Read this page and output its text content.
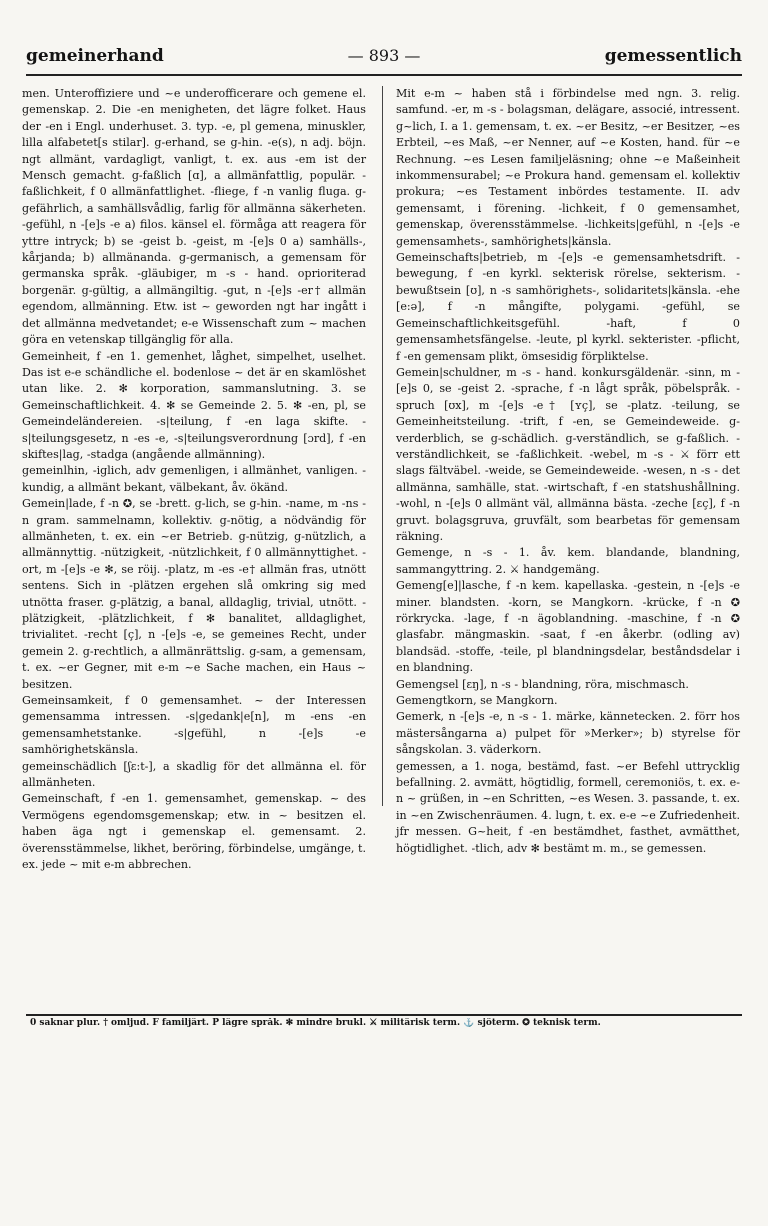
gemeinerhand	— 893 —	gemessentlich

men. Unteroffiziere und ~e underofficerare och gemene el. gemenskap. 2. Die -en menigheten, det lägre folket. Haus der -en i Engl. underhuset. 3. typ. -e, pl gemena, minuskler, lilla alfabetet[s stilar]. g-erhand, se g-hin. -e(s), n adj. böjn. ngt allmänt, vardagligt, vanligt, t. ex. aus -em ist der Mensch gemacht. g-faßlich [ɑ], a allmänfattlig, populär. -faßlichkeit, f 0 allmänfattlighet. -fliege, f -n vanlig fluga. g-gefährlich, a samhällsvådlig, farlig för allmänna säkerheten. -gefühl, n -[e]s -e a) filos. känsel el. förmåga att reagera för yttre intryck; b) se -geist b. -geist, m -[e]s 0 a) samhälls-, kårjanda; b) allmänanda. g-germanisch, a gemensam för germanska språk. -gläubiger, m -s - hand. oprioriterad borgenär. g-gültig, a allmängiltig. -gut, n -[e]s -er† allmän egendom, allmänning. Etw. ist ~ geworden ngt har ingått i det allmänna medvetandet; e-e Wissenschaft zum ~ machen göra en vetenskap tillgänglig för alla.

Gemeinheit, f -en 1. gemenhet, låghet, simpelhet, uselhet. Das ist e-e schändliche el. bodenlose ~ det är en skamlöshet utan like. 2. ✻ korporation, sammanslutning. 3. se Gemeinschaftlichkeit. 4. ✻ se Gemeinde 2. 5. ✻ -en, pl, se Gemeindeländereien. -s|teilung, f -en laga skifte. -s|teilungsgesetz, n -es -e, -s|teilungsverordnung [ɔrd], f -en skiftes|lag, -stadga (angående allmänning).

gemeinlhin, -iglich, adv gemenligen, i allmänhet, vanligen. -kundig, a allmänt bekant, välbekant, åv. ökänd.

Gemein|lade, f -n ✪, se -brett. g-lich, se g-hin. -name, m -ns -n gram. sammelnamn, kollektiv. g-nötig, a nödvändig för allmänheten, t. ex. ein ~er Betrieb. g-nützig, g-nützlich, a allmännyttig. -nützigkeit, -nützlichkeit, f 0 allmännyttighet. -ort, m -[e]s -e ✻, se röij. -platz, m -es -e† allmän fras, utnött sentens. Sich in -plätzen ergehen slå omkring sig med utnötta fraser. g-plätzig, a banal, alldaglig, trivial, utnött. -plätzigkeit, -plätzlichkeit, f ✻ banalitet, alldaglighet, trivialitet. -recht [ç], n -[e]s -e, se gemeines Recht, under gemein 2. g-rechtlich, a allmänrättslig. g-sam, a gemensam, t. ex. ~er Gegner, mit e-m ~e Sache machen, ein Haus ~ besitzen.

Gemeinsamkeit, f 0 gemensamhet. ~ der Interessen gemensamma intressen. -s|gedank|e[n], m -ens -en gemensamhetstanke. -s|gefühl, n -[e]s -e samhörighetskänsla.

gemeinschädlich [ʃɛ:t-], a skadlig för det allmänna el. för allmänheten.

Gemeinschaft, f -en 1. gemensamhet, gemenskap. ~ des Vermögens egendomsgemenskap; etw. in ~ besitzen el. haben äga ngt i gemenskap el. gemensamt. 2. överensstämmelse, likhet, beröring, förbindelse, umgänge, t. ex. jede ~ mit e-m abbrechen.

Mit e-m ~ haben stå i förbindelse med ngn. 3. relig. samfund. -er, m -s - bolagsman, delägare, associé, intressent. g~lich, I. a 1. gemensam, t. ex. ~er Besitz, ~er Besitzer, ~es Erbteil, ~es Maß, ~er Nenner, auf ~e Kosten, hand. für ~e Rechnung. ~es Lesen familjeläsning; ohne ~e Maßeinheit inkommensurabel; ~e Prokura hand. gemensam el. kollektiv prokura; ~es Testament inbördes testamente. II. adv gemensamt, i förening. -lichkeit, f 0 gemensamhet, gemenskap, överensstämmelse. -lichkeits|gefühl, n -[e]s -e gemensamhets-, samhörighets|känsla.

Gemeinschafts|betrieb, m -[e]s -e gemensamhetsdrift. -bewegung, f -en kyrkl. sekterisk rörelse, sekterism. -bewußtsein [ʊ], n -s samhörighets-, solidaritets|känsla. -ehe [e:ə], f -n mångifte, polygami. -gefühl, se Gemeinschaftlichkeitsgefühl. -haft, f 0 gemensamhetsfängelse. -leute, pl kyrkl. sekterister. -pflicht, f -en gemensam plikt, ömsesidig förpliktelse.

Gemein|schuldner, m -s - hand. konkursgäldenär. -sinn, m -[e]s 0, se -geist 2. -sprache, f -n lågt språk, pöbelspråk. -spruch [ʊx], m -[e]s -e† [ʏç], se -platz. -teilung, se Gemeinheitsteilung. -trift, f -en, se Gemeindeweide. g-verderblich, se g-schädlich. g-verständlich, se g-faßlich. -verständlichkeit, se -faßlichkeit. -webel, m -s - ⚔ förr ett slags fältväbel. -weide, se Gemeindeweide. -wesen, n -s - det allmänna, samhälle, stat. -wirtschaft, f -en statshushållning. -wohl, n -[e]s 0 allmänt väl, allmänna bästa. -zeche [ɛç], f -n gruvt. bolagsgruva, gruvfält, som bearbetas för gemensam räkning.

Gemenge, n -s - 1. åv. kem. blandande, blandning, sammangyttring. 2. ⚔ handgemäng.

Gemeng[e]|lasche, f -n kem. kapellaska. -gestein, n -[e]s -e miner. blandsten. -korn, se Mangkorn. -krücke, f -n ✪ rörkrycka. -lage, f -n ägoblandning. -maschine, f -n ✪ glasfabr. mängmaskin. -saat, f -en åkerbr. (odling av) blandsäd. -stoffe, -teile, pl blandningsdelar, beståndsdelar i en blandning.

Gemengsel [ɛŋ], n -s - blandning, röra, mischmasch.

Gemengtkorn, se Mangkorn.

Gemerk, n -[e]s -e, n -s - 1. märke, kännetecken. 2. förr hos mästersångarna a) pulpet för »Merker»; b) styrelse för sångskolan. 3. väderkorn.

gemessen, a 1. noga, bestämd, fast. ~er Befehl uttrycklig befallning. 2. avmätt, högtidlig, formell, ceremoniös, t. ex. e-n ~ grüßen, in ~en Schritten, ~es Wesen. 3. passande, t. ex. in ~en Zwischenräumen. 4. lugn, t. ex. e-e ~e Zufriedenheit. jfr messen. G~heit, f -en bestämdhet, fasthet, avmätthet, högtidlighet. -tlich, adv ✻ bestämt m. m., se gemessen.

0 saknar plur. † omljud. F familjärt. P lägre språk. ✻ mindre brukl. ⚔ militärisk term. ⚓ sjöterm. ✪ teknisk term.
